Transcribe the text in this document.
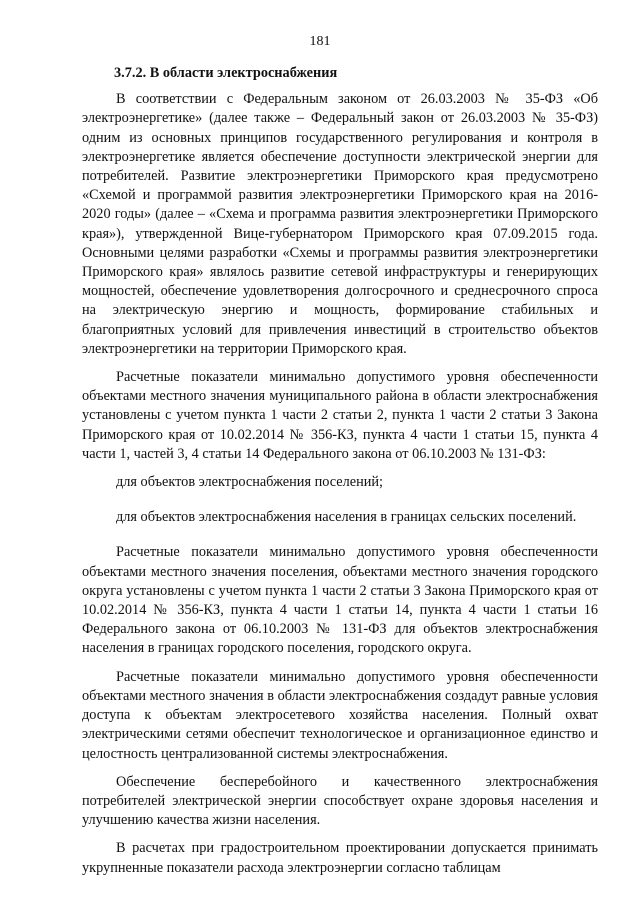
181
3.7.2. В области электроснабжения

В соответствии с Федеральным законом от 26.03.2003 № 35-ФЗ «Об электроэнергетике» (далее также – Федеральный закон от 26.03.2003 № 35-ФЗ) одним из основных принципов государственного регулирования и контроля в электроэнергетике является обеспечение доступности электрической энергии для потребителей. Развитие электроэнергетики Приморского края предусмотрено «Схемой и программой развития электроэнергетики Приморского края на 2016-2020 годы» (далее – «Схема и программа развития электроэнергетики Приморского края»), утвержденной Вице-губернатором Приморского края 07.09.2015 года. Основными целями разработки «Схемы и программы развития электроэнергетики Приморского края» являлось развитие сетевой инфраструктуры и генерирующих мощностей, обеспечение удовлетворения долгосрочного и среднесрочного спроса на электрическую энергию и мощность, формирование стабильных и благоприятных условий для привлечения инвестиций в строительство объектов электроэнергетики на территории Приморского края.

Расчетные показатели минимально допустимого уровня обеспеченности объектами местного значения муниципального района в области электроснабжения установлены с учетом пункта 1 части 2 статьи 2, пункта 1 части 2 статьи 3 Закона Приморского края от 10.02.2014 № 356-КЗ, пункта 4 части 1 статьи 15, пункта 4 части 1, частей 3, 4 статьи 14 Федерального закона от 06.10.2003 № 131-ФЗ:

для объектов электроснабжения поселений;

для объектов электроснабжения населения в границах сельских поселений.

Расчетные показатели минимально допустимого уровня обеспеченности объектами местного значения поселения, объектами местного значения городского округа установлены с учетом пункта 1 части 2 статьи 3 Закона Приморского края от 10.02.2014 № 356-КЗ, пункта 4 части 1 статьи 14, пункта 4 части 1 статьи 16 Федерального закона от 06.10.2003 № 131-ФЗ для объектов электроснабжения населения в границах городского поселения, городского округа.

Расчетные показатели минимально допустимого уровня обеспеченности объектами местного значения в области электроснабжения создадут равные условия доступа к объектам электросетевого хозяйства населения. Полный охват электрическими сетями обеспечит технологическое и организационное единство и целостность централизованной системы электроснабжения.

Обеспечение бесперебойного и качественного электроснабжения потребителей электрической энергии способствует охране здоровья населения и улучшению качества жизни населения.

В расчетах при градостроительном проектировании допускается принимать укрупненные показатели расхода электроэнергии согласно таблицам
